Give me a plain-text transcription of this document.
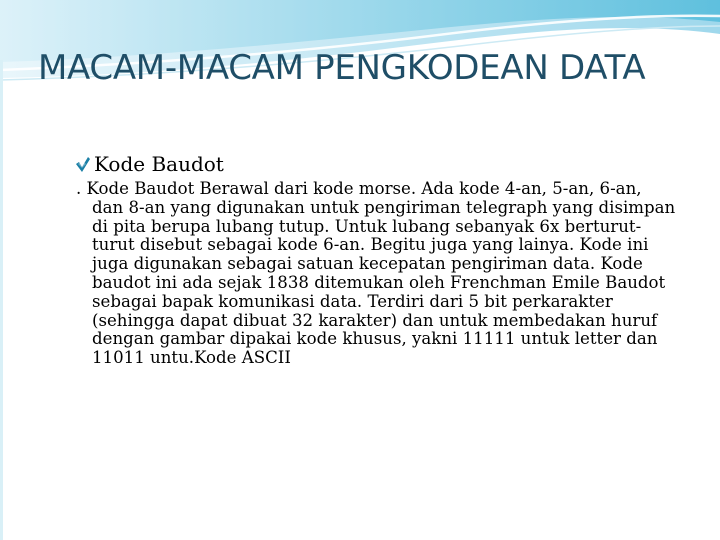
MACAM-MACAM PENGKODEAN DATA
Kode Baudot
. Kode Baudot Berawal dari kode morse. Ada kode 4-an, 5-an, 6-an, dan 8-an yang digunakan untuk pengiriman telegraph yang disimpan di pita berupa lubang tutup. Untuk lubang sebanyak 6x berturut-turut disebut sebagai kode 6-an. Begitu juga yang lainya. Kode ini juga digunakan sebagai satuan kecepatan pengiriman data. Kode baudot ini ada sejak 1838 ditemukan oleh Frenchman Emile Baudot sebagai bapak komunikasi data. Terdiri dari 5 bit perkarakter (sehingga dapat dibuat 32 karakter) dan untuk membedakan huruf dengan gambar dipakai kode khusus, yakni 11111 untuk letter dan 11011 untu.Kode ASCII
